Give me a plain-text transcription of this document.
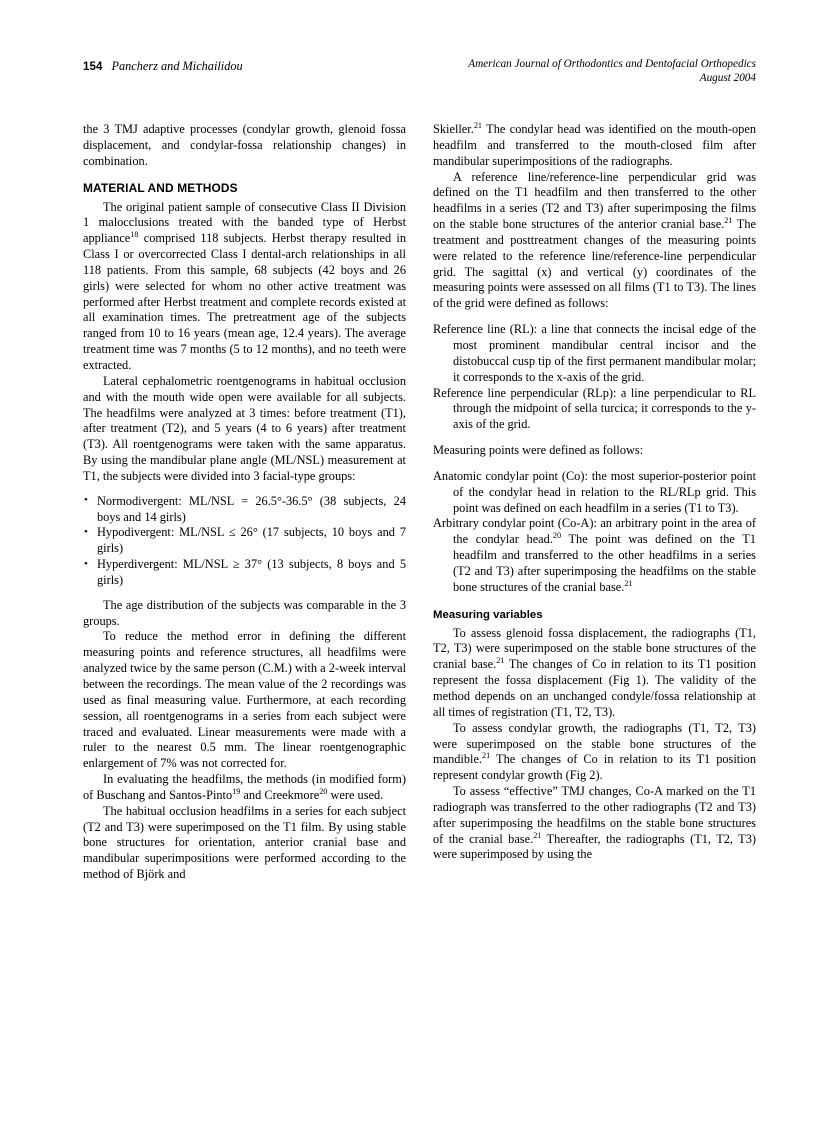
154 Pancherz and Michailidou	American Journal of Orthodontics and Dentofacial Orthopedics
August 2004

the 3 TMJ adaptive processes (condylar growth, glenoid fossa displacement, and condylar-fossa relationship changes) in combination.

MATERIAL AND METHODS

The original patient sample of consecutive Class II Division 1 malocclusions treated with the banded type of Herbst appliance$^{18}$ comprised 118 subjects. Herbst therapy resulted in Class I or overcorrected Class I dental-arch relationships in all 118 patients. From this sample, 68 subjects (42 boys and 26 girls) were selected for whom no other active treatment was performed after Herbst treatment and complete records existed at all examination times. The pretreatment age of the subjects ranged from 10 to 16 years (mean age, 12.4 years). The average treatment time was 7 months (5 to 12 months), and no teeth were extracted.

Lateral cephalometric roentgenograms in habitual occlusion and with the mouth wide open were available for all subjects. The headfilms were analyzed at 3 times: before treatment (T1), after treatment (T2), and 5 years (4 to 6 years) after treatment (T3). All roentgenograms were taken with the same apparatus. By using the mandibular plane angle (ML/NSL) measurement at T1, the subjects were divided into 3 facial-type groups:

• Normodivergent: ML/NSL = 26.5°-36.5° (38 subjects, 24 boys and 14 girls)
• Hypodivergent: ML/NSL ≤ 26° (17 subjects, 10 boys and 7 girls)
• Hyperdivergent: ML/NSL ≥ 37° (13 subjects, 8 boys and 5 girls)

The age distribution of the subjects was comparable in the 3 groups.

To reduce the method error in defining the different measuring points and reference structures, all headfilms were analyzed twice by the same person (C.M.) with a 2-week interval between the recordings. The mean value of the 2 recordings was used as final measuring value. Furthermore, at each recording session, all roentgenograms in a series from each subject were traced and evaluated. Linear measurements were made with a ruler to the nearest 0.5 mm. The linear roentgenographic enlargement of 7% was not corrected for.

In evaluating the headfilms, the methods (in modified form) of Buschang and Santos-Pinto$^{19}$ and Creekmore$^{20}$ were used.

The habitual occlusion headfilms in a series for each subject (T2 and T3) were superimposed on the T1 film. By using stable bone structures for orientation, anterior cranial base and mandibular superimpositions were performed according to the method of Björk and

Skieller.$^{21}$ The condylar head was identified on the mouth-open headfilm and transferred to the mouth-closed film after mandibular superimpositions of the radiographs.

A reference line/reference-line perpendicular grid was defined on the T1 headfilm and then transferred to the other headfilms in a series (T2 and T3) after superimposing the films on the stable bone structures of the anterior cranial base.$^{21}$ The treatment and posttreatment changes of the measuring points were related to the reference line/reference-line perpendicular grid. The sagittal (x) and vertical (y) coordinates of the measuring points were assessed on all films (T1 to T3). The lines of the grid were defined as follows:

Reference line (RL): a line that connects the incisal edge of the most prominent mandibular central incisor and the distobuccal cusp tip of the first permanent mandibular molar; it corresponds to the x-axis of the grid.
Reference line perpendicular (RLp): a line perpendicular to RL through the midpoint of sella turcica; it corresponds to the y-axis of the grid.

Measuring points were defined as follows:

Anatomic condylar point (Co): the most superior-posterior point of the condylar head in relation to the RL/RLp grid. This point was defined on each headfilm in a series (T1 to T3).
Arbitrary condylar point (Co-A): an arbitrary point in the area of the condylar head.$^{20}$ The point was defined on the T1 headfilm and transferred to the other headfilms in a series (T2 and T3) after superimposing the headfilms on the stable bone structures of the cranial base.$^{21}$
Measuring variables

To assess glenoid fossa displacement, the radiographs (T1, T2, T3) were superimposed on the stable bone structures of the cranial base.$^{21}$ The changes of Co in relation to its T1 position represent the fossa displacement (Fig 1). The validity of the method depends on an unchanged condyle/fossa relationship at all times of registration (T1, T2, T3).

To assess condylar growth, the radiographs (T1, T2, T3) were superimposed on the stable bone structures of the mandible.$^{21}$ The changes of Co in relation to its T1 position represent condylar growth (Fig 2).

To assess “effective” TMJ changes, Co-A marked on the T1 radiograph was transferred to the other radiographs (T2 and T3) after superimposing the headfilms on the stable bone structures of the cranial base.$^{21}$ Thereafter, the radiographs (T1, T2, T3) were superimposed by using the
